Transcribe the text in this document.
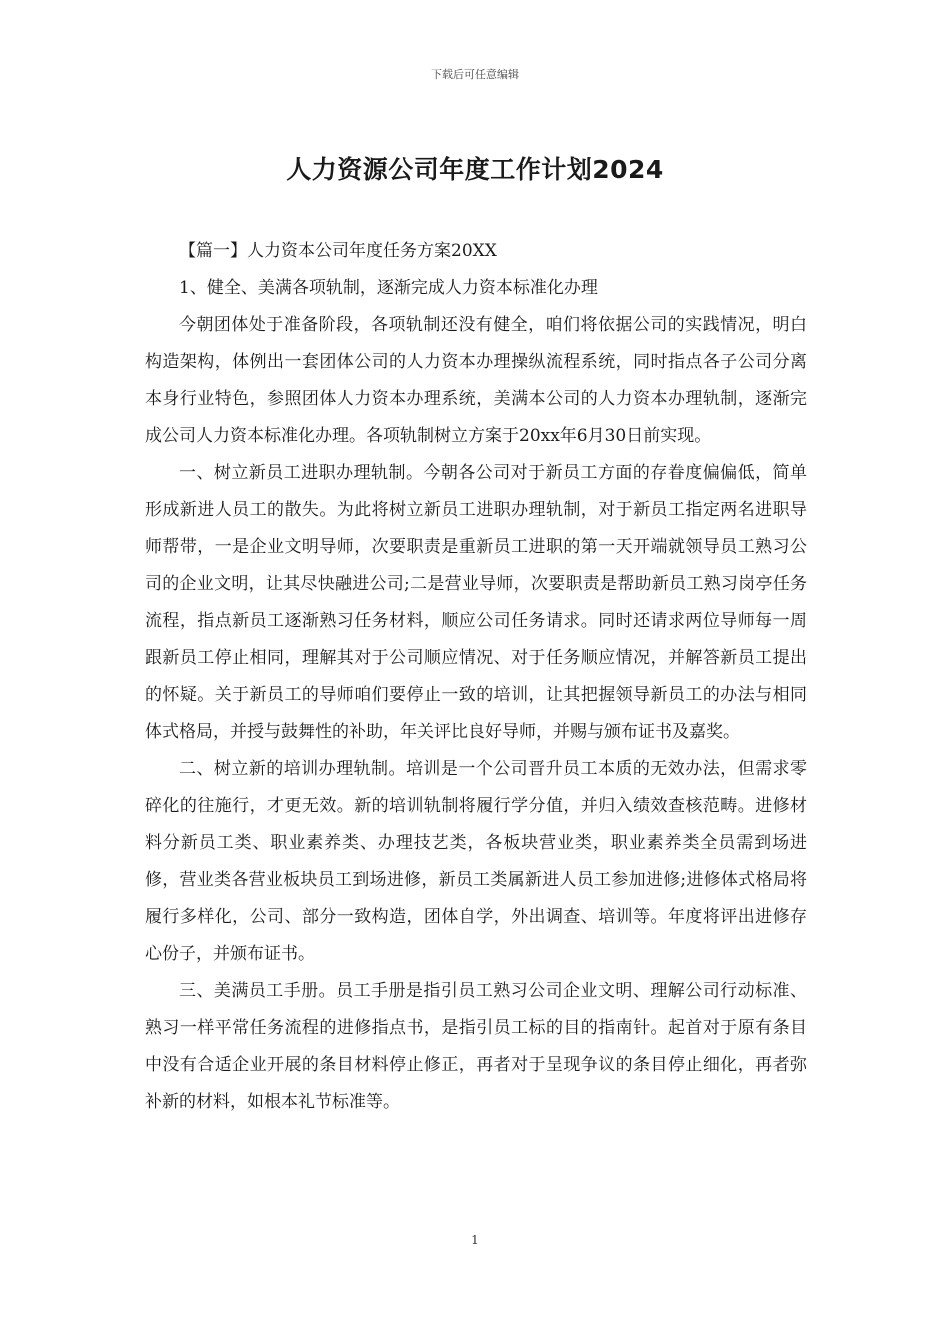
下载后可任意编辑
人力资源公司年度工作计划2024

【篇一】人力资本公司年度任务方案20XX

1、健全、美满各项轨制，逐渐完成人力资本标准化办理

今朝团体处于准备阶段，各项轨制还没有健全，咱们将依据公司的实践情况，明白构造架构，体例出一套团体公司的人力资本办理操纵流程系统，同时指点各子公司分离本身行业特色，参照团体人力资本办理系统，美满本公司的人力资本办理轨制，逐渐完成公司人力资本标准化办理。各项轨制树立方案于20xx年6月30日前实现。

一、树立新员工进职办理轨制。今朝各公司对于新员工方面的存眷度偏偏低，简单形成新进人员工的散失。为此将树立新员工进职办理轨制，对于新员工指定两名进职导师帮带，一是企业文明导师，次要职责是重新员工进职的第一天开端就领导员工熟习公司的企业文明，让其尽快融进公司;二是营业导师，次要职责是帮助新员工熟习岗亭任务流程，指点新员工逐渐熟习任务材料，顺应公司任务请求。同时还请求两位导师每一周跟新员工停止相同，理解其对于公司顺应情况、对于任务顺应情况，并解答新员工提出的怀疑。关于新员工的导师咱们要停止一致的培训，让其把握领导新员工的办法与相同体式格局，并授与鼓舞性的补助，年关评比良好导师，并赐与颁布证书及嘉奖。

二、树立新的培训办理轨制。培训是一个公司晋升员工本质的无效办法，但需求零碎化的往施行，才更无效。新的培训轨制将履行学分值，并归入绩效查核范畴。进修材料分新员工类、职业素养类、办理技艺类，各板块营业类，职业素养类全员需到场进修，营业类各营业板块员工到场进修，新员工类属新进人员工参加进修;进修体式格局将履行多样化，公司、部分一致构造，团体自学，外出调查、培训等。年度将评出进修存心份子，并颁布证书。

三、美满员工手册。员工手册是指引员工熟习公司企业文明、理解公司行动标准、熟习一样平常任务流程的进修指点书，是指引员工标的目的指南针。起首对于原有条目中没有合适企业开展的条目材料停止修正，再者对于呈现争议的条目停止细化，再者弥补新的材料，如根本礼节标准等。

1
